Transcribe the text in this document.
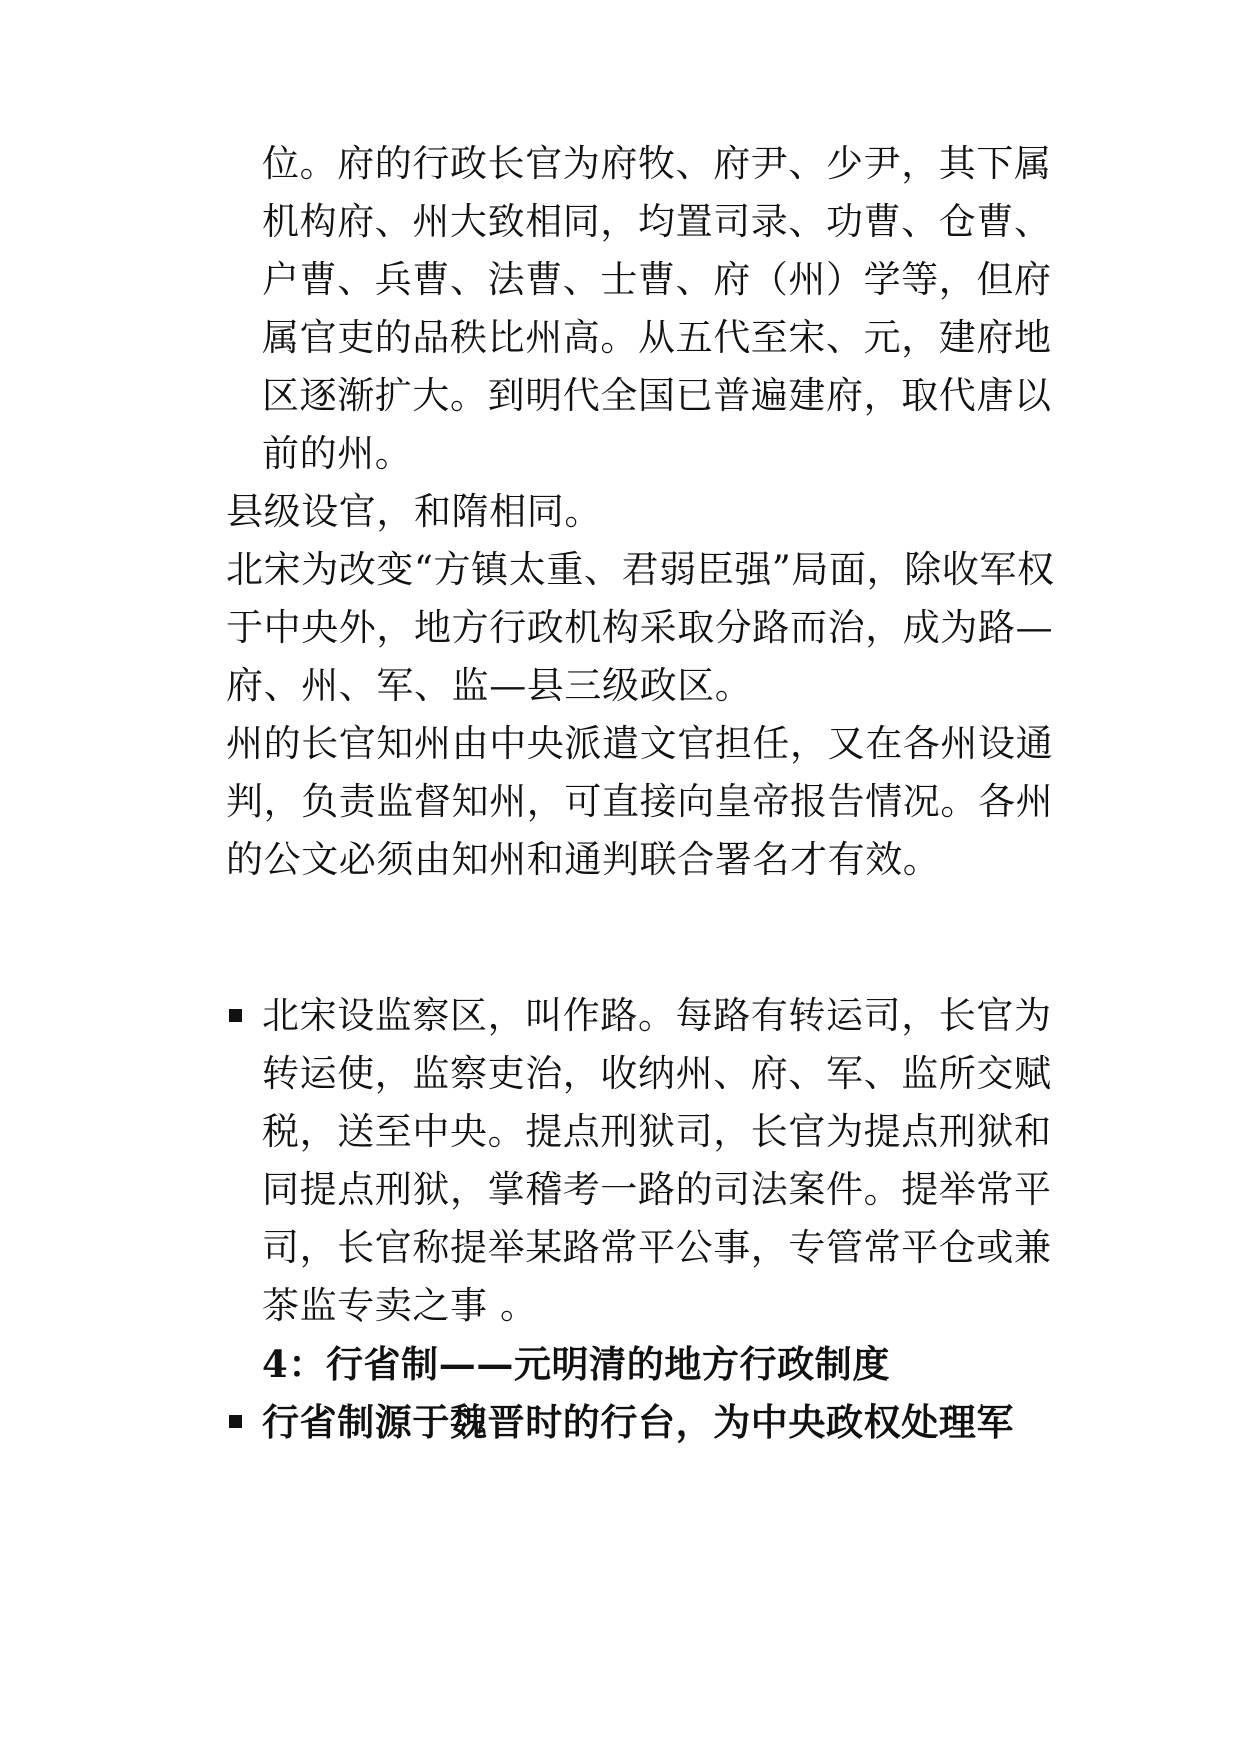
位。府的行政长官为府牧、府尹、少尹，其下属
机构府、州大致相同，均置司录、功曹、仓曹、
户曹、兵曹、法曹、士曹、府（州）学等，但府
属官吏的品秩比州高。从五代至宋、元，建府地
区逐渐扩大。到明代全国已普遍建府，取代唐以
前的州。
县级设官，和隋相同。
北宋为改变“方镇太重、君弱臣强”局面，除收军权
于中央外，地方行政机构采取分路而治，成为路—
府、州、军、监—县三级政区。
州的长官知州由中央派遣文官担任，又在各州设通
判，负责监督知州，可直接向皇帝报告情况。各州
的公文必须由知州和通判联合署名才有效。
北宋设监察区，叫作路。每路有转运司，长官为
转运使，监察吏治，收纳州、府、军、监所交赋
税，送至中央。提点刑狱司，长官为提点刑狱和
同提点刑狱，掌稽考一路的司法案件。提举常平
司，长官称提举某路常平公事，专管常平仓或兼
茶监专卖之事 。
4：行省制——元明清的地方行政制度
行省制源于魏晋时的行台，为中央政权处理军
